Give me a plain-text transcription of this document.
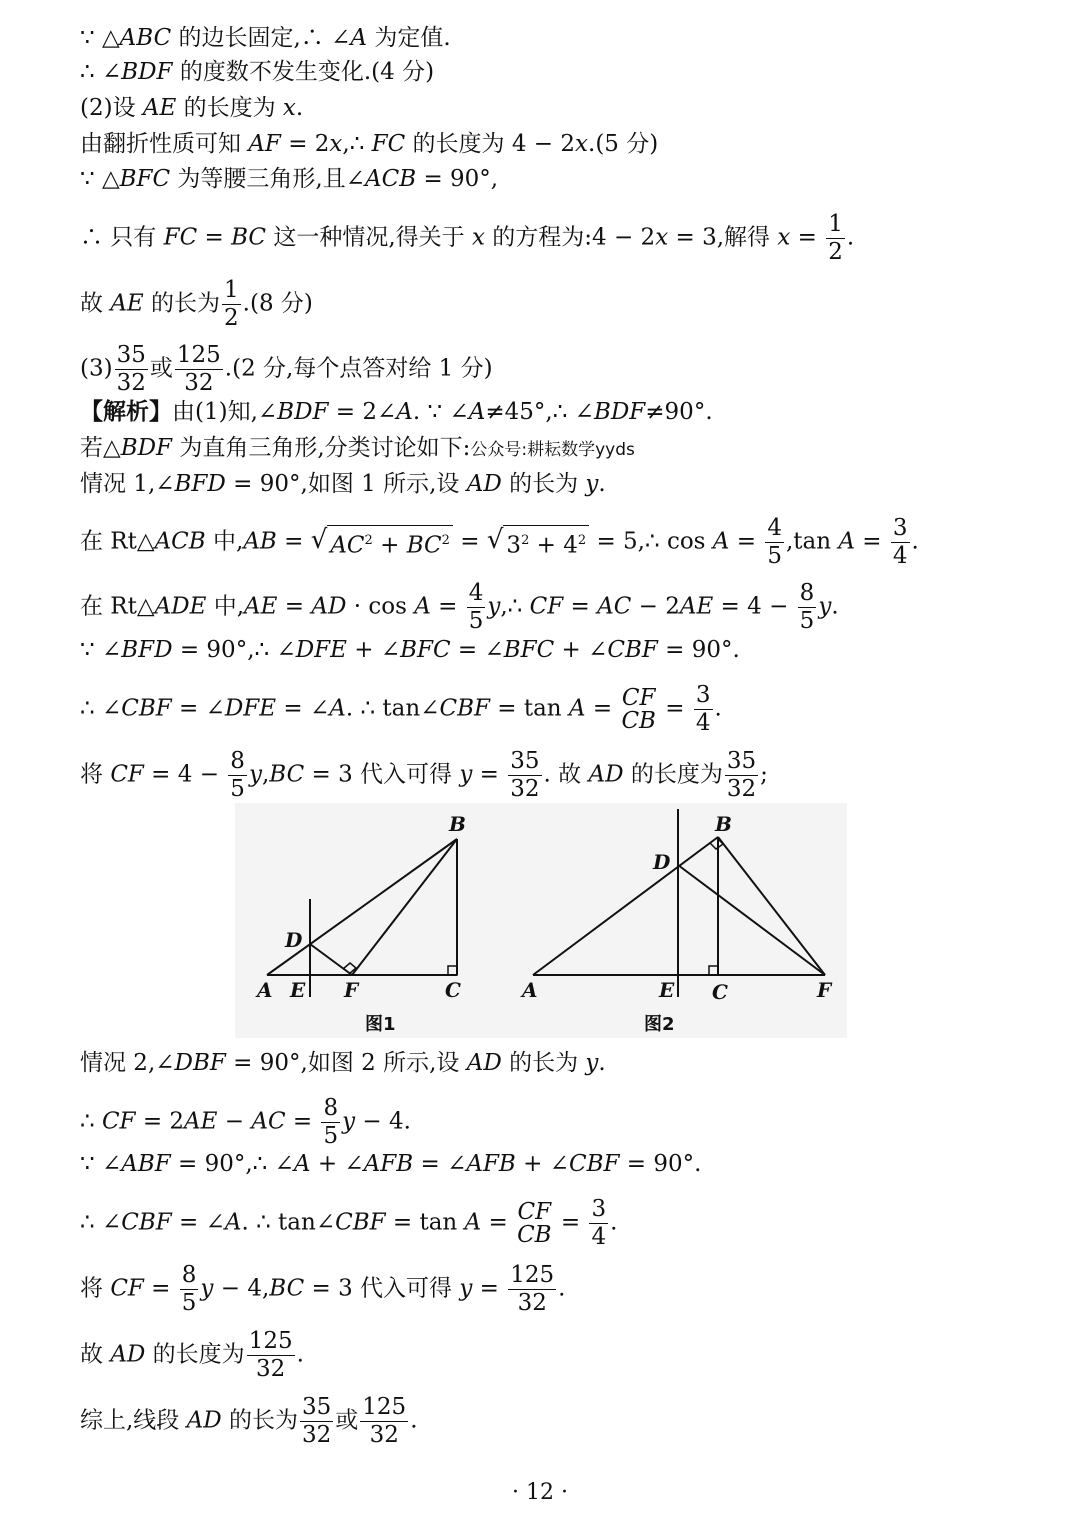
∵ △ABC 的边长固定,∴ ∠A 为定值.
∴ ∠BDF 的度数不发生变化.(4 分)
(2)设 AE 的长度为 x.
由翻折性质可知 AF = 2x,∴ FC 的长度为 4 − 2x.(5 分)
∵ △BFC 为等腰三角形,且∠ACB = 90°,
∴ 只有 FC = BC 这一种情况,得关于 x 的方程为:4 − 2x = 3,解得 $x = \frac{1}{2}$ .
故 AE 的长为 $\frac{1}{2} .(8$ 分)
$(3) \frac{35}{32}$ 或 $\frac{125}{32} .(2$ 分,每个点答对给 1 分)
【解析】由(1)知,∠BDF = 2∠A. ∵ ∠A≠45°,∴ ∠BDF≠90°.
若△BDF 为直角三角形,分类讨论如下:公众号:耕耘数学yyds
情况 1,∠BFD = 90°,如图 1 所示,设 AD 的长为 y.
在 Rt△ACB 中,AB = √ $AC^2 + BC^2$ = √ $3^2 + 4^2$ = 5,∴ $\cos A = \frac{4}{5} ,\tan$ $A = \frac{3}{4}$ .
在 Rt△ADE 中,AE = AD · $\cos A = \frac{4}{5}$ y,∴ CF = AC − $2AE = 4 - \frac{8}{5} y$.
∵ ∠BFD = 90°,∴ ∠DFE + ∠BFC = ∠BFC + ∠CBF = 90°.
∴ ∠CBF = ∠DFE = ∠A. ∴ tan∠CBF = tan A = CF
CB = $\frac{3}{4}$ .
将 CF = $4 - \frac{8}{5} y,BC = 3$ 代入可得 $y = \frac{35}{32}$ . 故 AD 的长度为 $\frac{35}{32}$ ;
A E F	C
D
B
A	E C	F
D
B
图1	图2
情况 2,∠DBF = 90°,如图 2 所示,设 AD 的长为 y.
∴ CF = 2AE − AC = $\frac{8}{5}$ y − 4.
∵ ∠ABF = 90°,∴ ∠A + ∠AFB = ∠AFB + ∠CBF = 90°.
∴ ∠CBF = ∠A. ∴ tan∠CBF = tan A = CF
CB = $\frac{3}{4}$ .
将 CF = $\frac{8}{5}$ y − 4,BC = 3 代入可得 $y = \frac{125}{32}$ .
故 AD 的长度为 $\frac{125}{32}$ .
综上,线段 AD 的长为 $\frac{35}{32}$ 或 $\frac{125}{32}$ .
· 12 ·
